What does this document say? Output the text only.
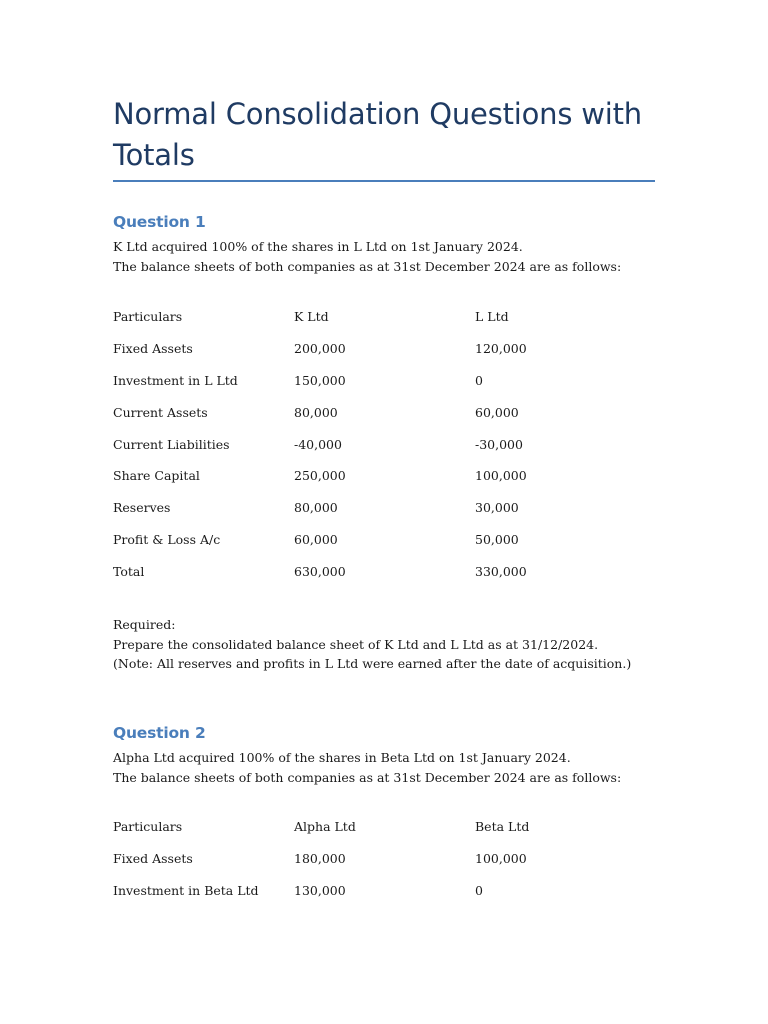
Normal Consolidation Questions with Totals
Question 1

K Ltd acquired 100% of the shares in L Ltd on 1st January 2024.
The balance sheets of both companies as at 31st December 2024 are as follows:

Particulars	K Ltd	L Ltd
Fixed Assets	200,000	120,000
Investment in L Ltd	150,000	0
Current Assets	80,000	60,000
Current Liabilities	-40,000	-30,000
Share Capital	250,000	100,000
Reserves	80,000	30,000
Profit & Loss A/c	60,000	50,000
Total	630,000	330,000

Required:
Prepare the consolidated balance sheet of K Ltd and L Ltd as at 31/12/2024.
(Note: All reserves and profits in L Ltd were earned after the date of acquisition.)

Question 2

Alpha Ltd acquired 100% of the shares in Beta Ltd on 1st January 2024.
The balance sheets of both companies as at 31st December 2024 are as follows:

Particulars	Alpha Ltd	Beta Ltd
Fixed Assets	180,000	100,000
Investment in Beta Ltd	130,000	0
